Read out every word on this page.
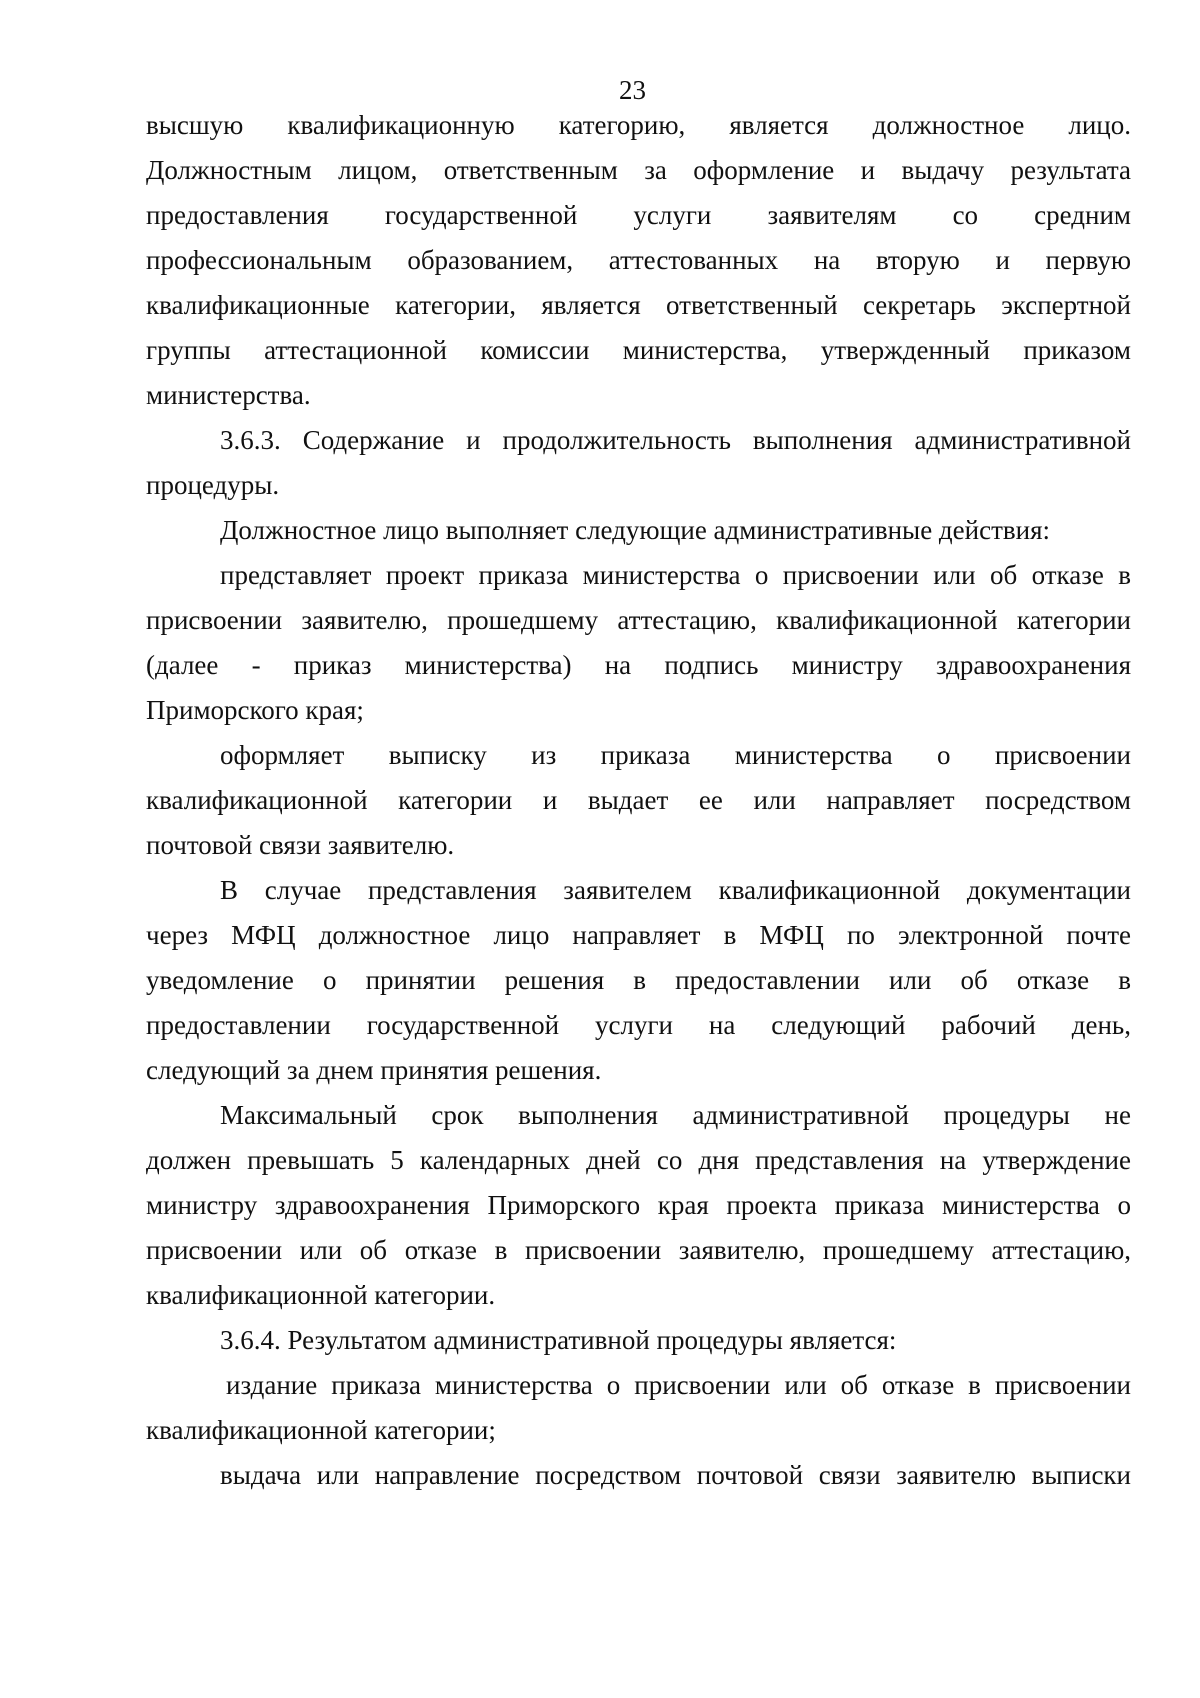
23
высшую квалификационную категорию, является должностное лицо.
Должностным лицом, ответственным за оформление и выдачу результата
предоставления государственной услуги заявителям со средним
профессиональным образованием, аттестованных на вторую и первую
квалификационные категории, является ответственный секретарь экспертной
группы аттестационной комиссии министерства, утвержденный приказом
министерства.
3.6.3. Содержание и продолжительность выполнения административной
процедуры.
Должностное лицо выполняет следующие административные действия:
представляет проект приказа министерства о присвоении или об отказе в
присвоении заявителю, прошедшему аттестацию, квалификационной категории
(далее - приказ министерства) на подпись министру здравоохранения
Приморского края;
оформляет выписку из приказа министерства о присвоении
квалификационной категории и выдает ее или направляет посредством
почтовой связи заявителю.
В случае представления заявителем квалификационной документации
через МФЦ должностное лицо направляет в МФЦ по электронной почте
уведомление о принятии решения в предоставлении или об отказе в
предоставлении государственной услуги на следующий рабочий день,
следующий за днем принятия решения.
Максимальный срок выполнения административной процедуры не
должен превышать 5 календарных дней со дня представления на утверждение
министру здравоохранения Приморского края проекта приказа министерства о
присвоении или об отказе в присвоении заявителю, прошедшему аттестацию,
квалификационной категории.
3.6.4. Результатом административной процедуры является:
издание приказа министерства о присвоении или об отказе в присвоении
квалификационной категории;
выдача или направление посредством почтовой связи заявителю выписки
